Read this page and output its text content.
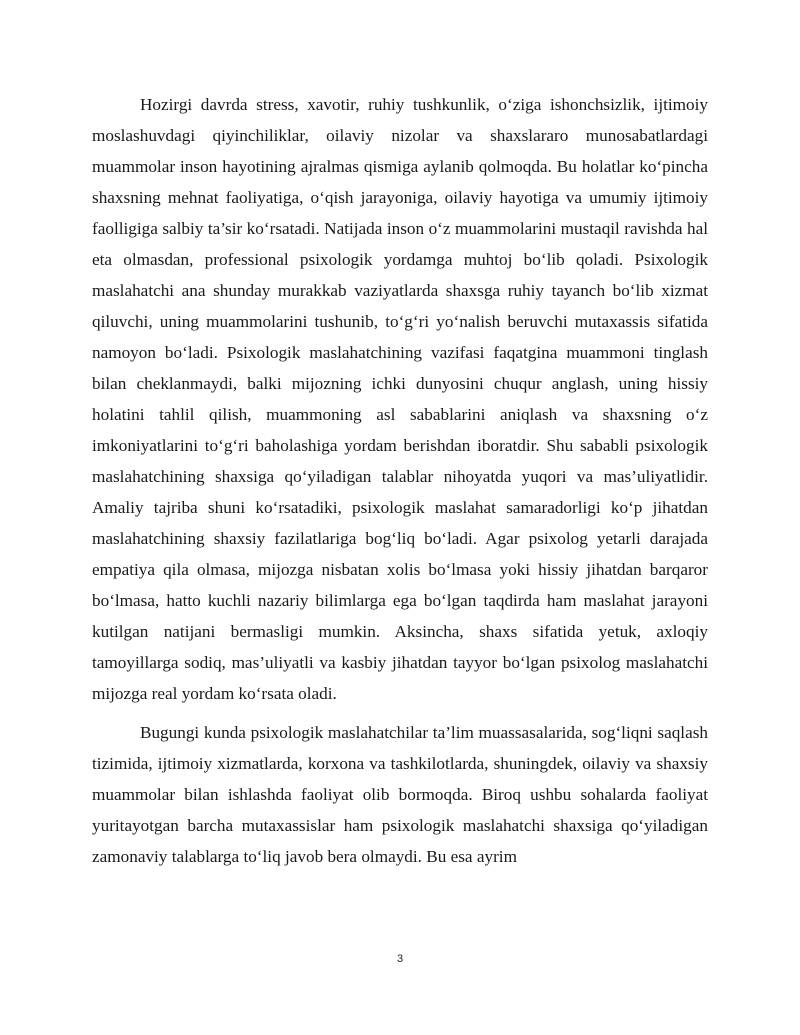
Hozirgi davrda stress, xavotir, ruhiy tushkunlik, o‘ziga ishonchsizlik, ijtimoiy moslashuvdagi qiyinchiliklar, oilaviy nizolar va shaxslararo munosabatlardagi muammolar inson hayotining ajralmas qismiga aylanib qolmoqda. Bu holatlar ko‘pincha shaxsning mehnat faoliyatiga, o‘qish jarayoniga, oilaviy hayotiga va umumiy ijtimoiy faolligiga salbiy ta’sir ko‘rsatadi. Natijada inson o‘z muammolarini mustaqil ravishda hal eta olmasdan, professional psixologik yordamga muhtoj bo‘lib qoladi. Psixologik maslahatchi ana shunday murakkab vaziyatlarda shaxsga ruhiy tayanch bo‘lib xizmat qiluvchi, uning muammolarini tushunib, to‘g‘ri yo‘nalish beruvchi mutaxassis sifatida namoyon bo‘ladi. Psixologik maslahatchining vazifasi faqatgina muammoni tinglash bilan cheklanmaydi, balki mijozning ichki dunyosini chuqur anglash, uning hissiy holatini tahlil qilish, muammoning asl sabablarini aniqlash va shaxsning o‘z imkoniyatlarini to‘g‘ri baholashiga yordam berishdan iboratdir. Shu sababli psixologik maslahatchining shaxsiga qo‘yiladigan talablar nihoyatda yuqori va mas’uliyatlidir. Amaliy tajriba shuni ko‘rsatadiki, psixologik maslahat samaradorligi ko‘p jihatdan maslahatchining shaxsiy fazilatlariga bog‘liq bo‘ladi. Agar psixolog yetarli darajada empatiya qila olmasa, mijozga nisbatan xolis bo‘lmasa yoki hissiy jihatdan barqaror bo‘lmasa, hatto kuchli nazariy bilimlarga ega bo‘lgan taqdirda ham maslahat jarayoni kutilgan natijani bermasligi mumkin. Aksincha, shaxs sifatida yetuk, axloqiy tamoyillarga sodiq, mas’uliyatli va kasbiy jihatdan tayyor bo‘lgan psixolog maslahatchi mijozga real yordam ko‘rsata oladi.

Bugungi kunda psixologik maslahatchilar ta’lim muassasalarida, sog‘liqni saqlash tizimida, ijtimoiy xizmatlarda, korxona va tashkilotlarda, shuningdek, oilaviy va shaxsiy muammolar bilan ishlashda faoliyat olib bormoqda. Biroq ushbu sohalarda faoliyat yuritayotgan barcha mutaxassislar ham psixologik maslahatchi shaxsiga qo‘yiladigan zamonaviy talablarga to‘liq javob bera olmaydi. Bu esa ayrim

3
